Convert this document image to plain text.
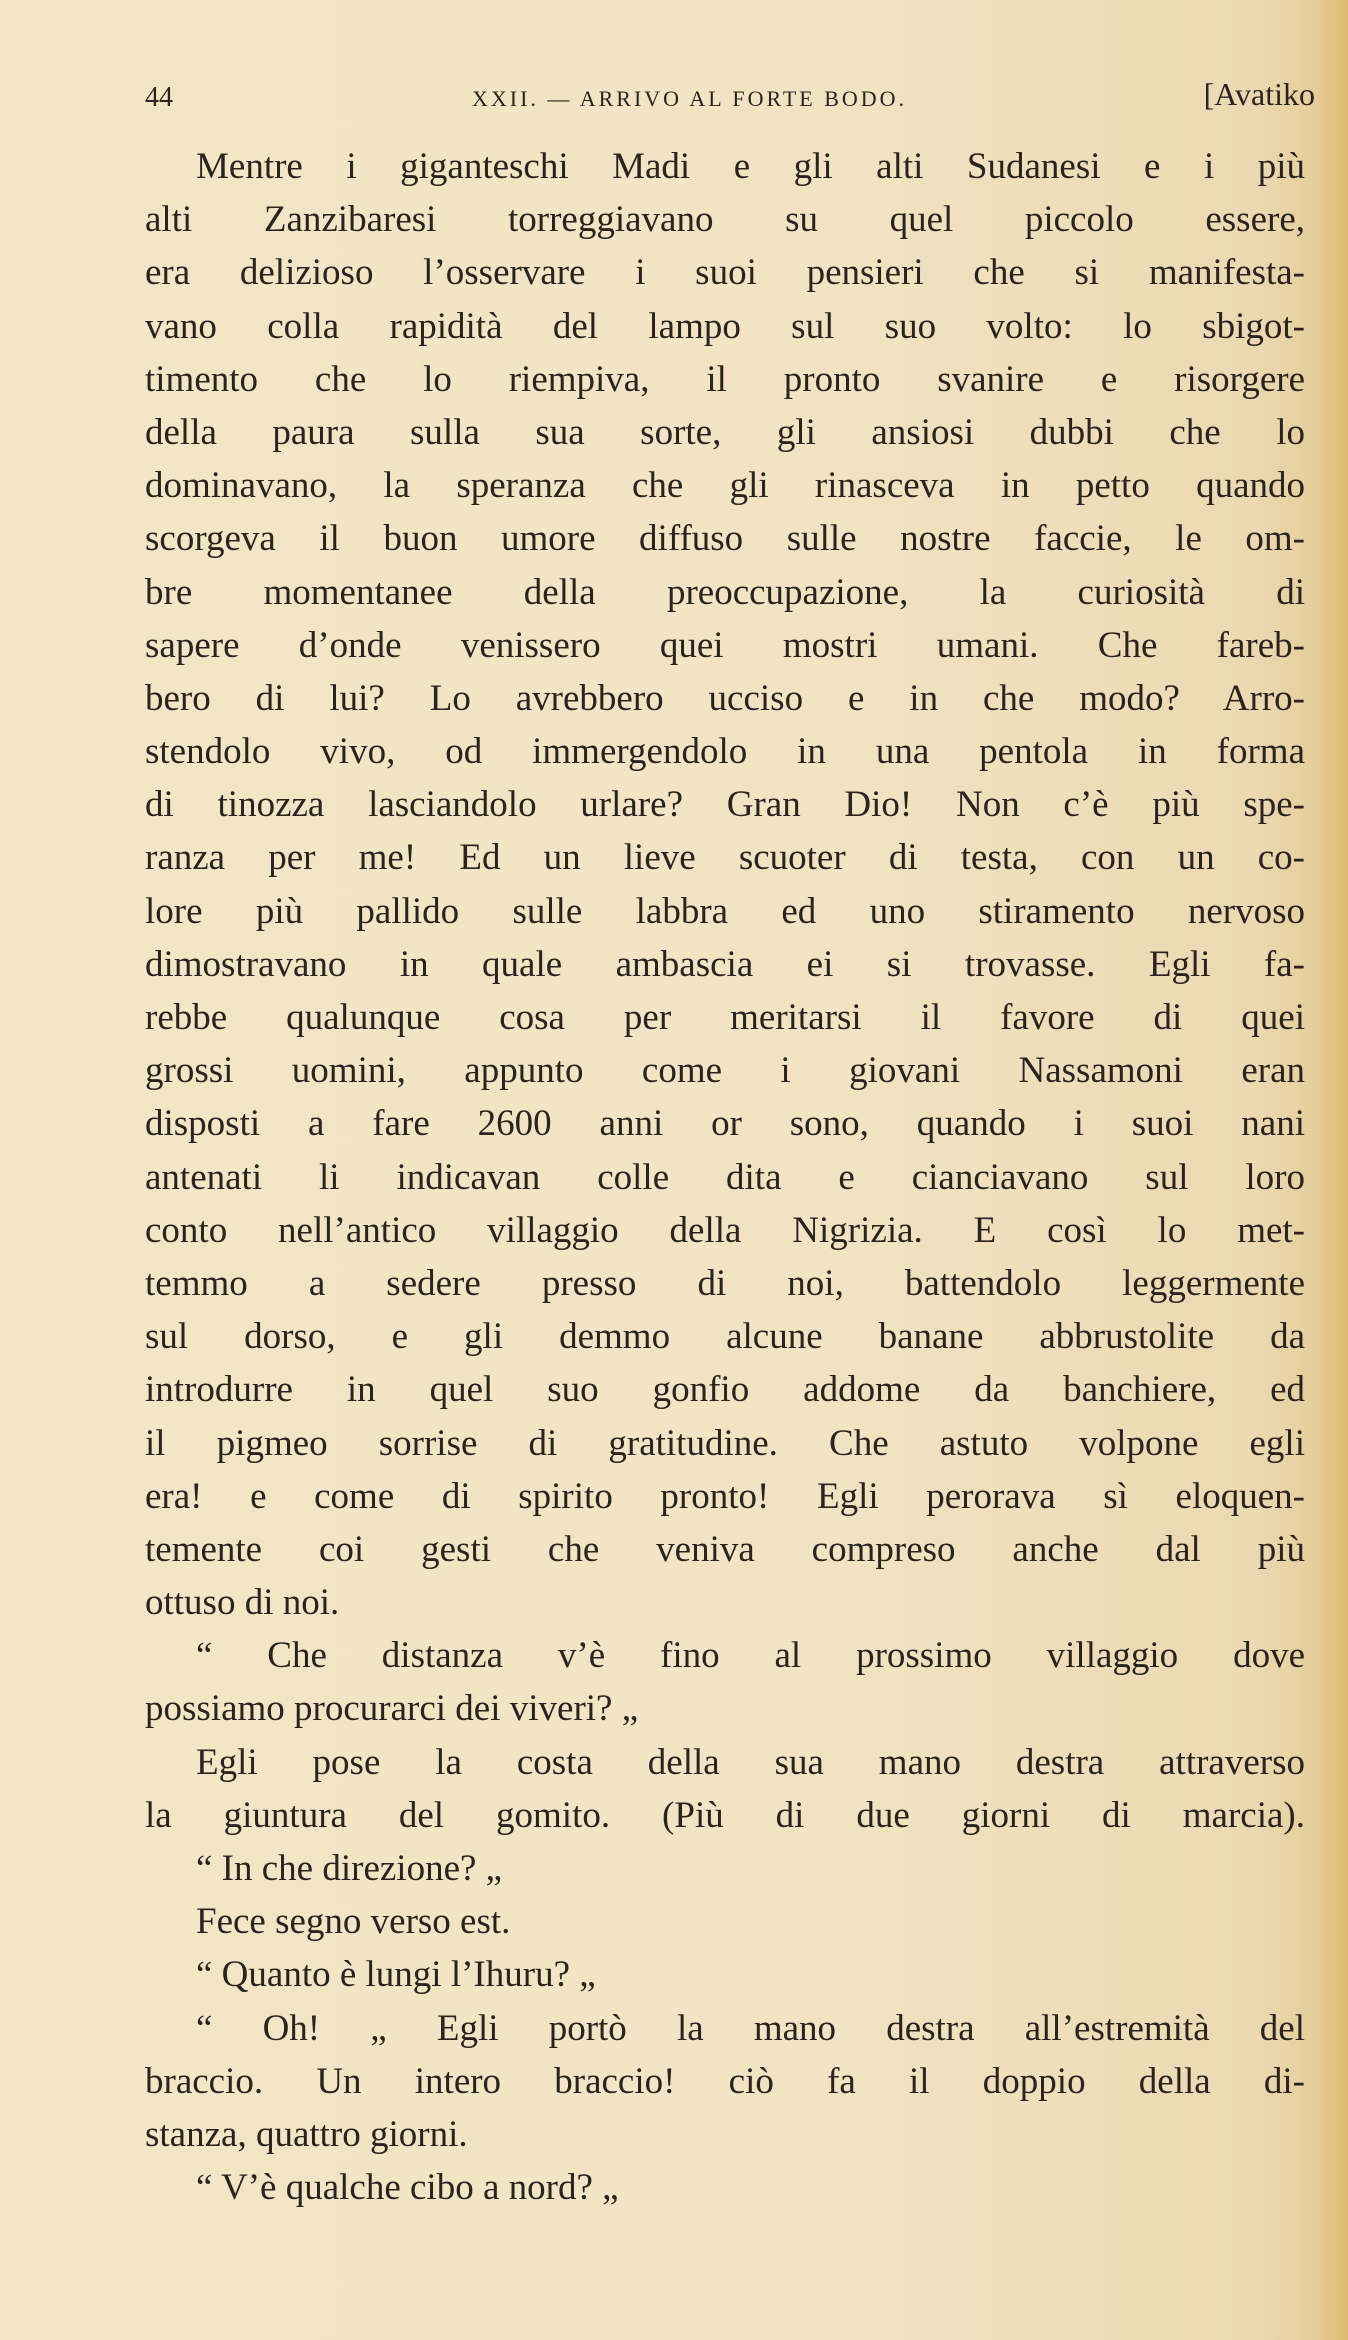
44	XXII. — ARRIVO AL FORTE BODO.	[Avatiko
Mentre i giganteschi Madi e gli alti Sudanesi e i più
alti Zanzibaresi torreggiavano su quel piccolo essere,
era delizioso l’osservare i suoi pensieri che si manifesta-
vano colla rapidità del lampo sul suo volto: lo sbigot-
timento che lo riempiva, il pronto svanire e risorgere
della paura sulla sua sorte, gli ansiosi dubbi che lo
dominavano, la speranza che gli rinasceva in petto quando
scorgeva il buon umore diffuso sulle nostre faccie, le om-
bre momentanee della preoccupazione, la curiosità di
sapere d’onde venissero quei mostri umani. Che fareb-
bero di lui? Lo avrebbero ucciso e in che modo? Arro-
stendolo vivo, od immergendolo in una pentola in forma
di tinozza lasciandolo urlare? Gran Dio! Non c’è più spe-
ranza per me! Ed un lieve scuoter di testa, con un co-
lore più pallido sulle labbra ed uno stiramento nervoso
dimostravano in quale ambascia ei si trovasse. Egli fa-
rebbe qualunque cosa per meritarsi il favore di quei
grossi uomini, appunto come i giovani Nassamoni eran
disposti a fare 2600 anni or sono, quando i suoi nani
antenati li indicavan colle dita e cianciavano sul loro
conto nell’antico villaggio della Nigrizia. E così lo met-
temmo a sedere presso di noi, battendolo leggermente
sul dorso, e gli demmo alcune banane abbrustolite da
introdurre in quel suo gonfio addome da banchiere, ed
il pigmeo sorrise di gratitudine. Che astuto volpone egli
era! e come di spirito pronto! Egli perorava sì eloquen-
temente coi gesti che veniva compreso anche dal più
ottuso di noi.
“ Che distanza v’è fino al prossimo villaggio dove
possiamo procurarci dei viveri? „
Egli pose la costa della sua mano destra attraverso
la giuntura del gomito. (Più di due giorni di marcia).
“ In che direzione? „
Fece segno verso est.
“ Quanto è lungi l’Ihuru? „
“ Oh! „ Egli portò la mano destra all’estremità del
braccio. Un intero braccio! ciò fa il doppio della di-
stanza, quattro giorni.
“ V’è qualche cibo a nord? „
